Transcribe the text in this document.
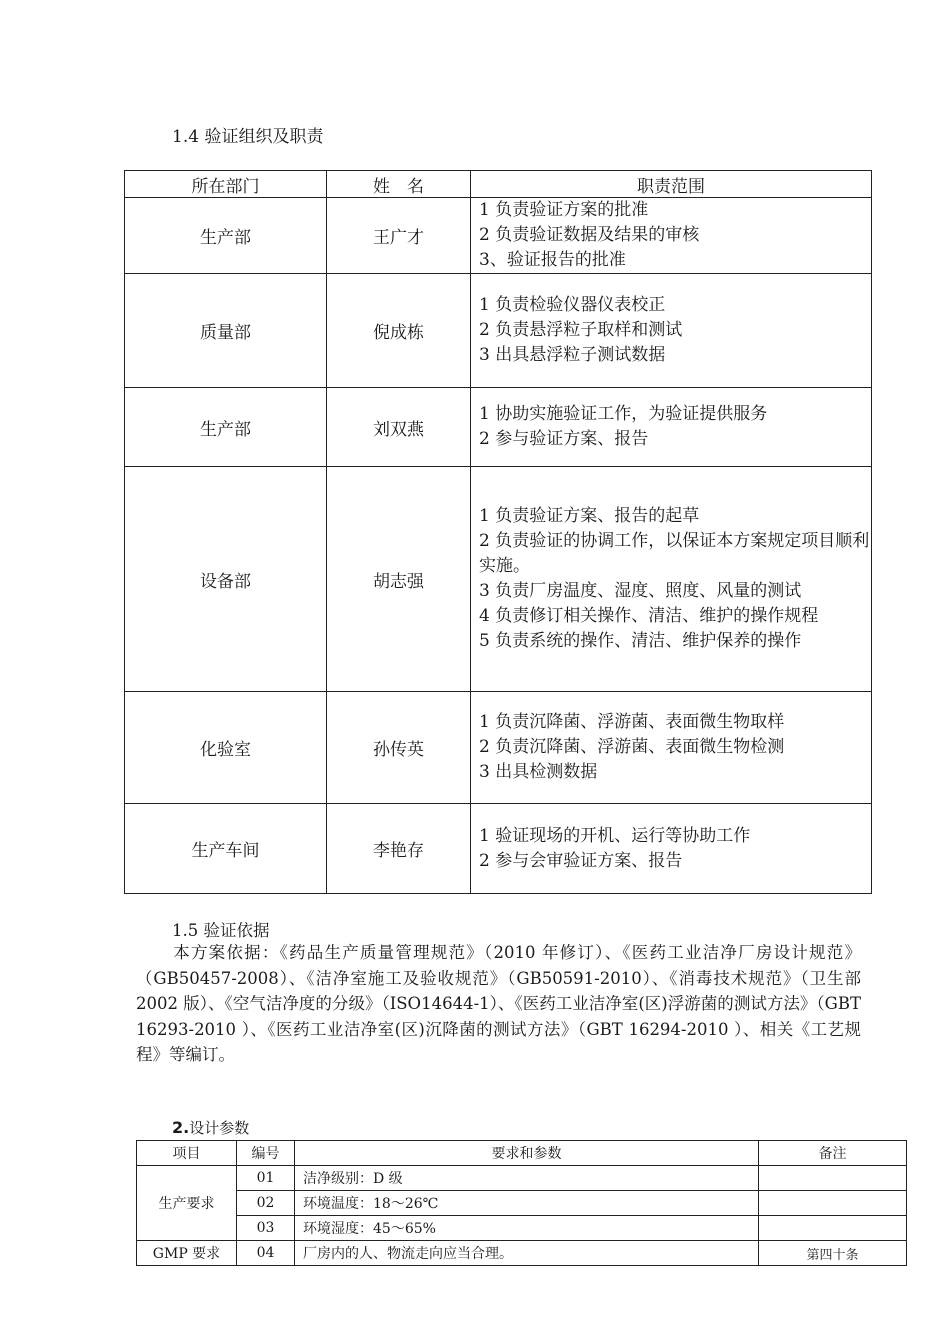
1.4 验证组织及职责
所在部门	姓　名	职责范围
生产部	王广才	1 负责验证方案的批准
2 负责验证数据及结果的审核
3、验证报告的批准

质量部	倪成栋	1 负责检验仪器仪表校正
2 负责悬浮粒子取样和测试
3 出具悬浮粒子测试数据

生产部	刘双燕	1 协助实施验证工作，为验证提供服务
2 参与验证方案、报告

设备部	胡志强	1 负责验证方案、报告的起草
2 负责验证的协调工作，以保证本方案规定项目顺利实施。
3 负责厂房温度、湿度、照度、风量的测试
4 负责修订相关操作、清洁、维护的操作规程
5 负责系统的操作、清洁、维护保养的操作

化验室	孙传英	1 负责沉降菌、浮游菌、表面微生物取样
2 负责沉降菌、浮游菌、表面微生物检测
3 出具检测数据

生产车间	李艳存	1 验证现场的开机、运行等协助工作
2 参与会审验证方案、报告
1.5 验证依据
本方案依据：《药品生产质量管理规范》（2010 年修订）、《医药工业洁净厂房设计规范》（GB50457-2008）、《洁净室施工及验收规范》（GB50591-2010）、《消毒技术规范》（卫生部 2002 版）、《空气洁净度的分级》（ISO14644-1）、《医药工业洁净室(区)浮游菌的测试方法》（GBT 16293-2010 ）、《医药工业洁净室(区)沉降菌的测试方法》（GBT 16294-2010 ）、相关《工艺规程》等编订。
2.设计参数
项目	编号	要求和参数	备注
生产要求	01	洁净级别：D 级	
	02	环境温度：18～26℃	
	03	环境湿度：45～65%	
GMP 要求	04	厂房内的人、物流走向应当合理。	第四十条
